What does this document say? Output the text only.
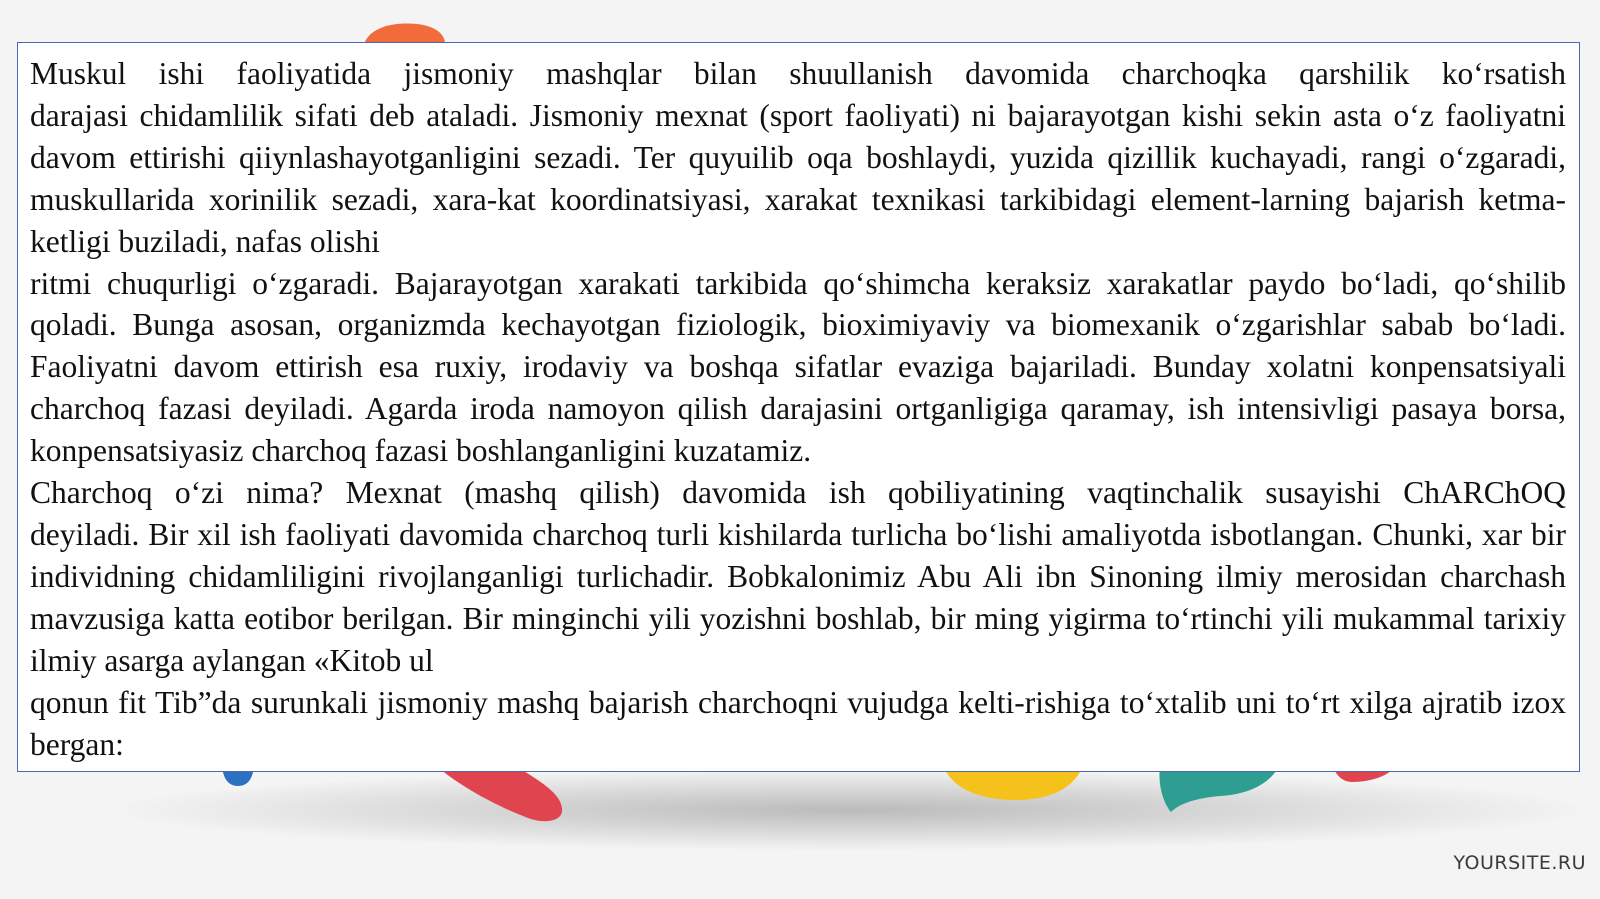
Muskul ishi faoliyatida jismoniy mashqlar bilan shuullanish davomida charchoqka qarshilik ko‘rsatish

darajasi chidamlilik sifati deb ataladi. Jismoniy mexnat (sport faoliyati) ni bajarayotgan kishi sekin asta o‘z faoliyatni davom ettirishi qiiynlashayotganligini sezadi. Ter quyuilib oqa boshlaydi, yuzida qizillik kuchayadi, rangi o‘zgaradi, muskullarida xorinilik sezadi, xara-kat koordinatsiyasi, xarakat texnikasi tarkibidagi element-larning bajarish ketma-ketligi buziladi, nafas olishi

ritmi chuqurligi o‘zgaradi. Bajarayotgan xarakati tarkibida qo‘shimcha keraksiz xarakatlar paydo bo‘ladi, qo‘shilib qoladi. Bunga asosan, organizmda kechayotgan fiziologik, bioximiyaviy va biomexanik o‘zgarishlar sabab bo‘ladi. Faoliyatni davom ettirish esa ruxiy, irodaviy va boshqa sifatlar evaziga bajariladi. Bunday xolatni konpensatsiyali charchoq fazasi deyiladi. Agarda iroda namoyon qilish darajasini ortganligiga qaramay, ish intensivligi pasaya borsa, konpensatsiyasiz charchoq fazasi boshlanganligini kuzatamiz.

Charchoq o‘zi nima? Mexnat (mashq qilish) davomida ish qobiliyatining vaqtinchalik susayishi ChARChOQ

deyiladi. Bir xil ish faoliyati davomida charchoq turli kishilarda turlicha bo‘lishi amaliyotda isbotlangan. Chunki, xar bir individning chidamliligini rivojlanganligi turlichadir. Bobkalonimiz Abu Ali ibn Sinoning ilmiy merosidan charchash mavzusiga katta eotibor berilgan. Bir minginchi yili yozishni boshlab, bir ming yigirma to‘rtinchi yili mukammal tarixiy ilmiy asarga aylangan «Kitob ul

qonun fit Tib”da surunkali jismoniy mashq bajarish charchoqni vujudga kelti-rishiga to‘xtalib uni to‘rt xilga ajratib izox bergan:

YOURSITE.RU
